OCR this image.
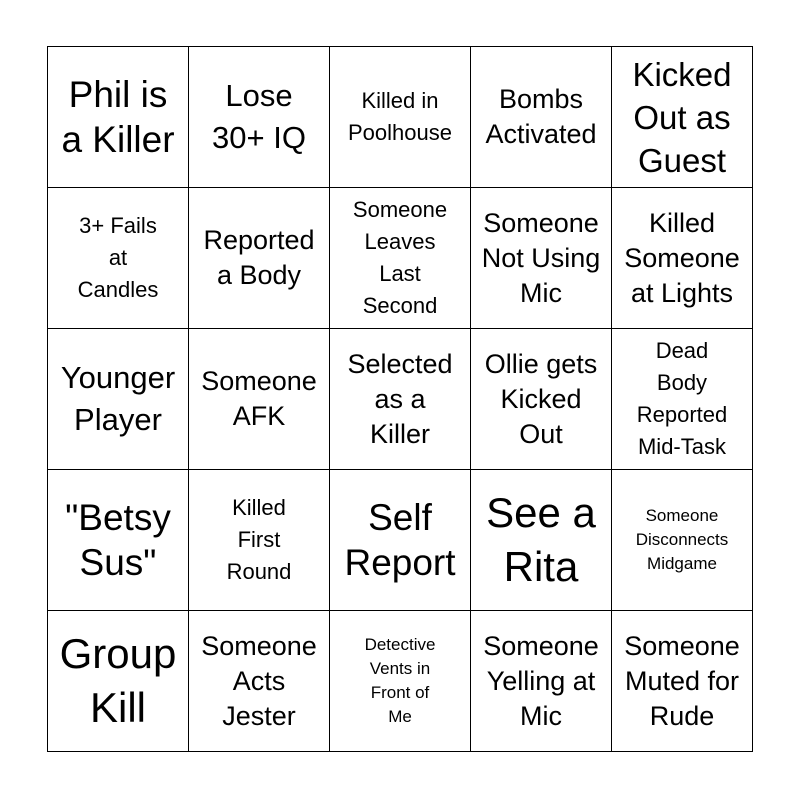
Phil is
a Killer
Lose
30+ IQ
Killed in
Poolhouse
Bombs
Activated
Kicked
Out as
Guest
3+ Fails
at
Candles
Reported
a Body
Someone
Leaves
Last
Second
Someone
Not Using
Mic
Killed
Someone
at Lights
Younger
Player
Someone
AFK
Selected
as a
Killer
Ollie gets
Kicked
Out
Dead
Body
Reported
Mid-Task
"Betsy
Sus"
Killed
First
Round
Self
Report
See a
Rita
Someone
Disconnects
Midgame
Group
Kill
Someone
Acts
Jester
Detective
Vents in
Front of
Me
Someone
Yelling at
Mic
Someone
Muted for
Rude
